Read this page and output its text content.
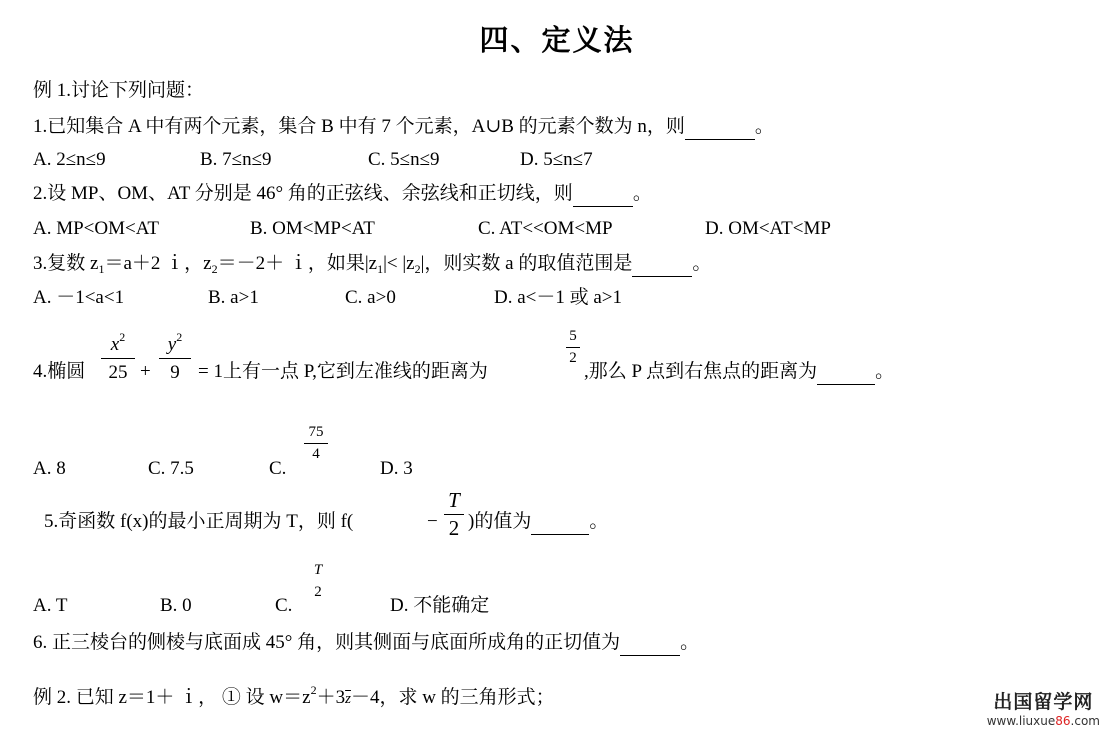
四、定义法
例 1.讨论下列问题：
1.已知集合 A 中有两个元素，集合 B 中有 7 个元素，A∪B 的元素个数为 n，则	。
A. 2≤n≤9	B. 7≤n≤9	C. 5≤n≤9	D. 5≤n≤7
2.设 MP、OM、AT 分别是 46° 角的正弦线、余弦线和正切线，则	。
A. MP<OM<AT	B. OM<MP<AT	C. AT<<OM<MP	D. OM<AT<MP
3.复数 $z_1=a+2$ ｉ，$z_2=-2+$ ｉ，如果$|z_1|< |z_2|$，则实数 a 的取值范围是	。
A. －1<a<1	B. a>1	C. a>0	D. a<－1 或 a>1
4.椭圆
$x^2$
25 +
$y^2$
9 = 1上有一点 P,它到左准线的距离为
5
2
,那么 P 点到右焦点的距离为	。
A. 8	C. 7.5	C.
75
4
D. 3
5.奇函数 f(x)的最小正周期为 T，则 f(	−
T
2 )的值为	。
A. T	B. 0	C.
T
2
D. 不能确定
6. 正三棱台的侧棱与底面成 45° 角，则其侧面与底面所成角的正切值为	。
例 2. 已知 z＝1＋ ｉ， ① 设 $w=z^2+3\overline{z}-4$，求 w 的三角形式；	出国留学网
www.liuxue86.com
